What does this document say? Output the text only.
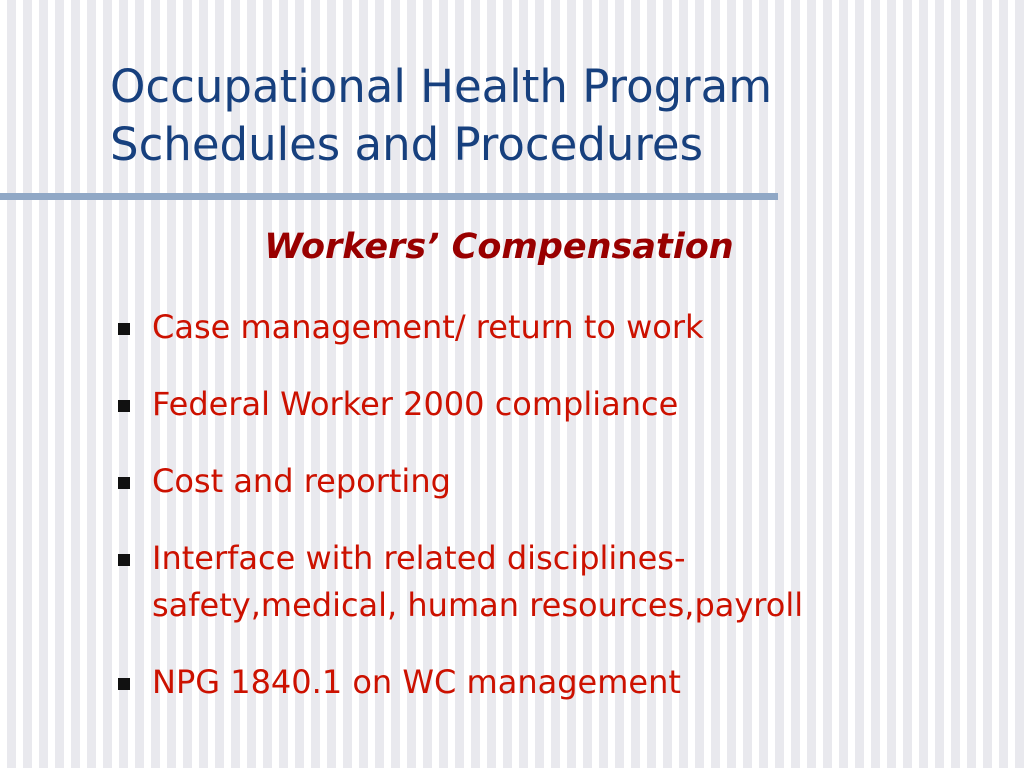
Occupational Health Program
Schedules and Procedures
Workers’ Compensation
Case management/ return to work
Federal Worker 2000 compliance
Cost and reporting
Interface with related disciplines-
safety,medical, human resources,payroll
NPG 1840.1 on WC management
